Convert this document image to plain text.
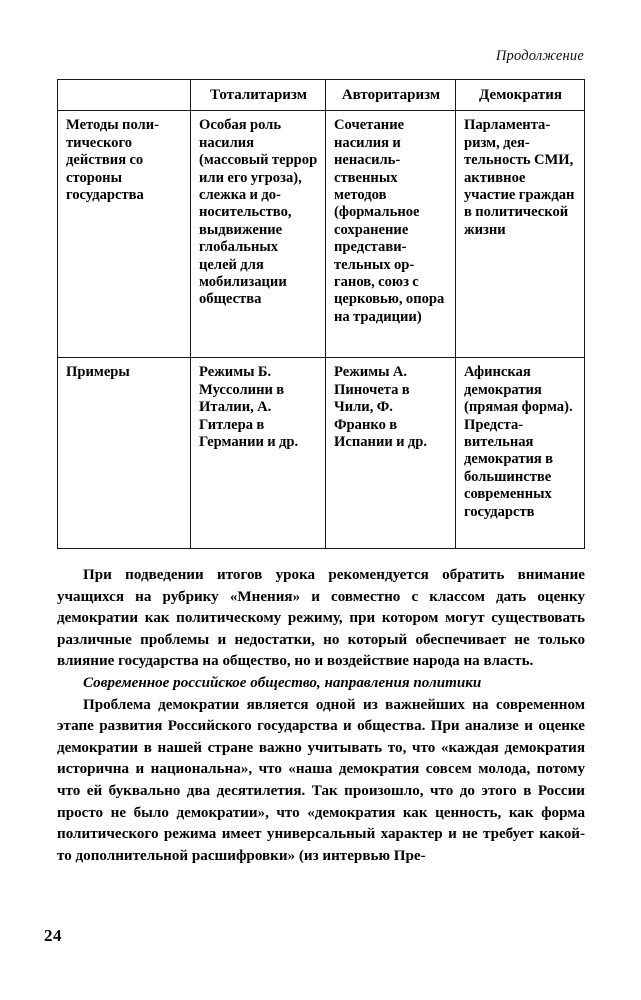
Продолжение
	Тоталитаризм	Авторитаризм	Демократия
Методы политического действия со стороны государства	Особая роль насилия (массовый террор или его угроза), слежка и доносительство, выдвижение глобальных целей для мобилизации общества	Сочетание насилия и ненасильственных методов (формальное сохранение представительных органов, союз с церковью, опора на традиции)	Парламентаризм, деятельность СМИ, активное участие граждан в политической жизни
Примеры	Режимы Б. Муссолини в Италии, А. Гитлера в Германии и др.	Режимы А. Пиночета в Чили, Ф. Франко в Испании и др.	Афинская демократия (прямая форма). Представительная демократия в большинстве современных государств

При подведении итогов урока рекомендуется обратить внимание учащихся на рубрику «Мнения» и совместно с классом дать оценку демократии как политическому режиму, при котором могут существовать различные проблемы и недостатки, но который обеспечивает не только влияние государства на общество, но и воздействие народа на власть.

Современное российское общество, направления политики

Проблема демократии является одной из важнейших на современном этапе развития Российского государства и общества. При анализе и оценке демократии в нашей стране важно учитывать то, что «каждая демократия исторична и национальна», что «наша демократия совсем молода, потому что ей буквально два десятилетия. Так произошло, что до этого в России просто не было демократии», что «демократия как ценность, как форма политического режима имеет универсальный характер и не требует какой-то дополнительной расшифровки» (из интервью Пре-

24
